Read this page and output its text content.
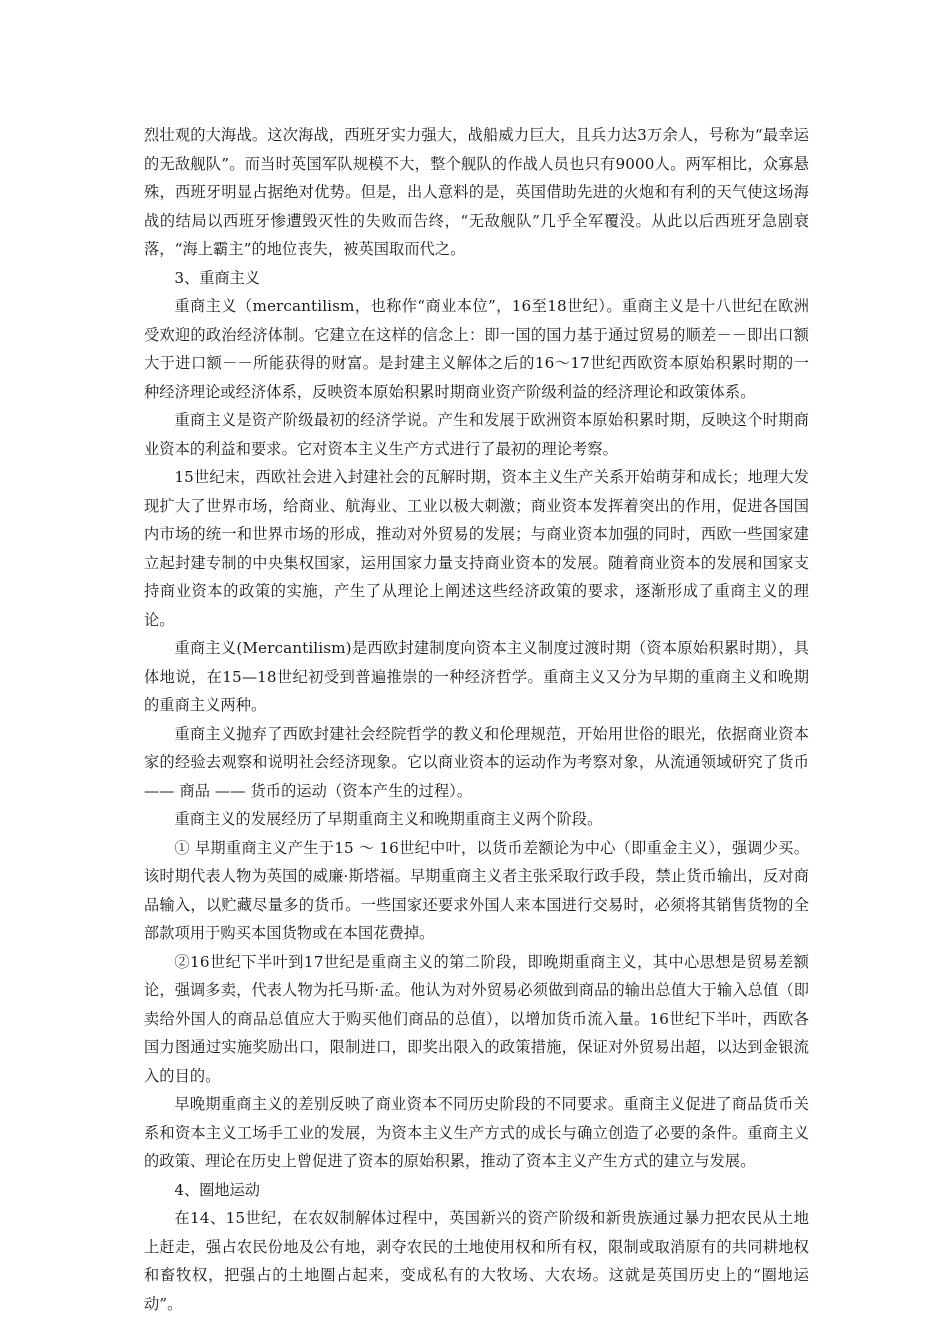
烈壮观的大海战。这次海战，西班牙实力强大，战船威力巨大，且兵力达3万余人，号称为“最幸运的无敌舰队”。而当时英国军队规模不大，整个舰队的作战人员也只有9000人。两军相比，众寡悬殊，西班牙明显占据绝对优势。但是，出人意料的是，英国借助先进的火炮和有利的天气使这场海战的结局以西班牙惨遭毁灭性的失败而告终，“无敌舰队”几乎全军覆没。从此以后西班牙急剧衰落，“海上霸主”的地位丧失，被英国取而代之。

3、重商主义

重商主义（mercantilism，也称作“商业本位”，16至18世纪）。重商主义是十八世纪在欧洲受欢迎的政治经济体制。它建立在这样的信念上：即一国的国力基于通过贸易的顺差－－即出口额大于进口额－－所能获得的财富。是封建主义解体之后的16～17世纪西欧资本原始积累时期的一种经济理论或经济体系，反映资本原始积累时期商业资产阶级利益的经济理论和政策体系。

重商主义是资产阶级最初的经济学说。产生和发展于欧洲资本原始积累时期，反映这个时期商业资本的利益和要求。它对资本主义生产方式进行了最初的理论考察。

15世纪末，西欧社会进入封建社会的瓦解时期，资本主义生产关系开始萌芽和成长；地理大发现扩大了世界市场，给商业、航海业、工业以极大刺激；商业资本发挥着突出的作用，促进各国国内市场的统一和世界市场的形成，推动对外贸易的发展；与商业资本加强的同时，西欧一些国家建立起封建专制的中央集权国家，运用国家力量支持商业资本的发展。随着商业资本的发展和国家支持商业资本的政策的实施，产生了从理论上阐述这些经济政策的要求，逐渐形成了重商主义的理论。

重商主义(Mercantilism)是西欧封建制度向资本主义制度过渡时期（资本原始积累时期），具体地说，在15—18世纪初受到普遍推崇的一种经济哲学。重商主义又分为早期的重商主义和晚期的重商主义两种。

重商主义抛弃了西欧封建社会经院哲学的教义和伦理规范，开始用世俗的眼光，依据商业资本家的经验去观察和说明社会经济现象。它以商业资本的运动作为考察对象，从流通领域研究了货币 —— 商品 —— 货币的运动（资本产生的过程）。

重商主义的发展经历了早期重商主义和晚期重商主义两个阶段。

① 早期重商主义产生于15 ～ 16世纪中叶，以货币差额论为中心（即重金主义），强调少买。该时期代表人物为英国的威廉·斯塔福。早期重商主义者主张采取行政手段，禁止货币输出，反对商品输入，以贮藏尽量多的货币。一些国家还要求外国人来本国进行交易时，必须将其销售货物的全部款项用于购买本国货物或在本国花费掉。

②16世纪下半叶到17世纪是重商主义的第二阶段，即晚期重商主义，其中心思想是贸易差额论，强调多卖，代表人物为托马斯·孟。他认为对外贸易必须做到商品的输出总值大于输入总值（即卖给外国人的商品总值应大于购买他们商品的总值），以增加货币流入量。16世纪下半叶，西欧各国力图通过实施奖励出口，限制进口，即奖出限入的政策措施，保证对外贸易出超，以达到金银流入的目的。

早晚期重商主义的差别反映了商业资本不同历史阶段的不同要求。重商主义促进了商品货币关系和资本主义工场手工业的发展，为资本主义生产方式的成长与确立创造了必要的条件。重商主义的政策、理论在历史上曾促进了资本的原始积累，推动了资本主义产生方式的建立与发展。

4、圈地运动

在14、15世纪，在农奴制解体过程中，英国新兴的资产阶级和新贵族通过暴力把农民从土地上赶走，强占农民份地及公有地，剥夺农民的土地使用权和所有权，限制或取消原有的共同耕地权和畜牧权，把强占的土地圈占起来，变成私有的大牧场、大农场。这就是英国历史上的“圈地运动”。
